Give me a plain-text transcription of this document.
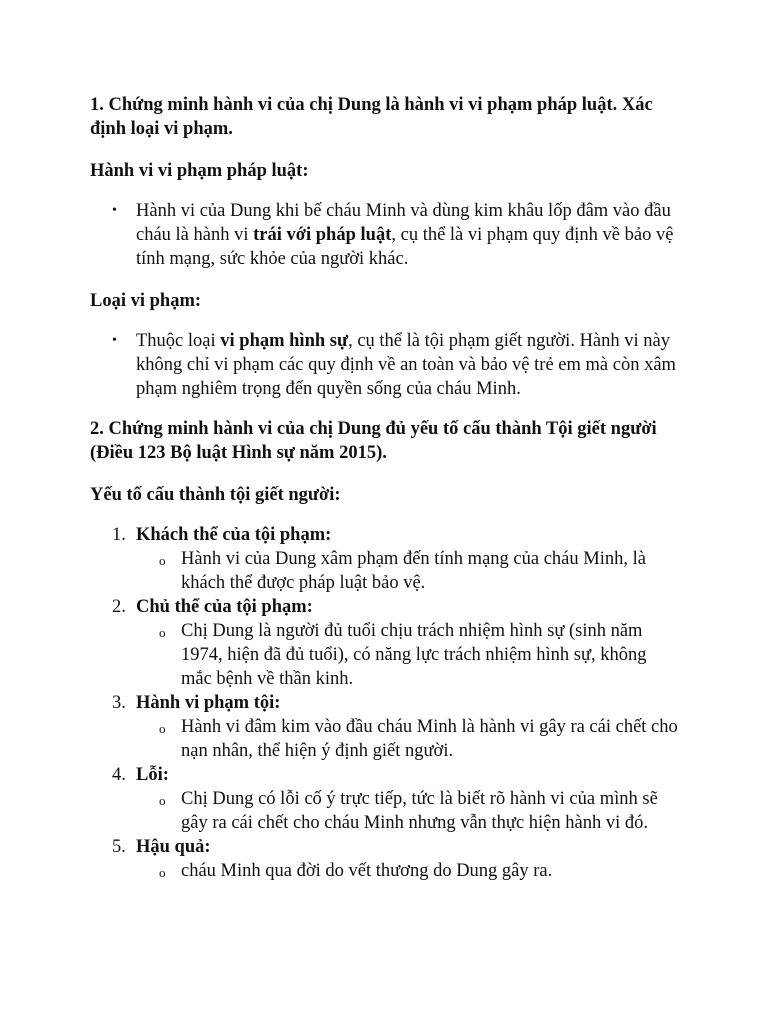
1. Chứng minh hành vi của chị Dung là hành vi vi phạm pháp luật. Xác định loại vi phạm.

Hành vi vi phạm pháp luật:

• Hành vi của Dung khi bế cháu Minh và dùng kim khâu lốp đâm vào đầu cháu là hành vi trái với pháp luật, cụ thể là vi phạm quy định về bảo vệ tính mạng, sức khỏe của người khác.

Loại vi phạm:

• Thuộc loại vi phạm hình sự, cụ thể là tội phạm giết người. Hành vi này không chỉ vi phạm các quy định về an toàn và bảo vệ trẻ em mà còn xâm phạm nghiêm trọng đến quyền sống của cháu Minh.

2. Chứng minh hành vi của chị Dung đủ yếu tố cấu thành Tội giết người (Điều 123 Bộ luật Hình sự năm 2015).

Yếu tố cấu thành tội giết người:

1. Khách thể của tội phạm:
o Hành vi của Dung xâm phạm đến tính mạng của cháu Minh, là khách thể được pháp luật bảo vệ.
2. Chủ thể của tội phạm:
o Chị Dung là người đủ tuổi chịu trách nhiệm hình sự (sinh năm 1974, hiện đã đủ tuổi), có năng lực trách nhiệm hình sự, không mắc bệnh về thần kinh.
3. Hành vi phạm tội:
o Hành vi đâm kim vào đầu cháu Minh là hành vi gây ra cái chết cho nạn nhân, thể hiện ý định giết người.
4. Lỗi:
o Chị Dung có lỗi cố ý trực tiếp, tức là biết rõ hành vi của mình sẽ gây ra cái chết cho cháu Minh nhưng vẫn thực hiện hành vi đó.
5. Hậu quả:
o cháu Minh qua đời do vết thương do Dung gây ra.
